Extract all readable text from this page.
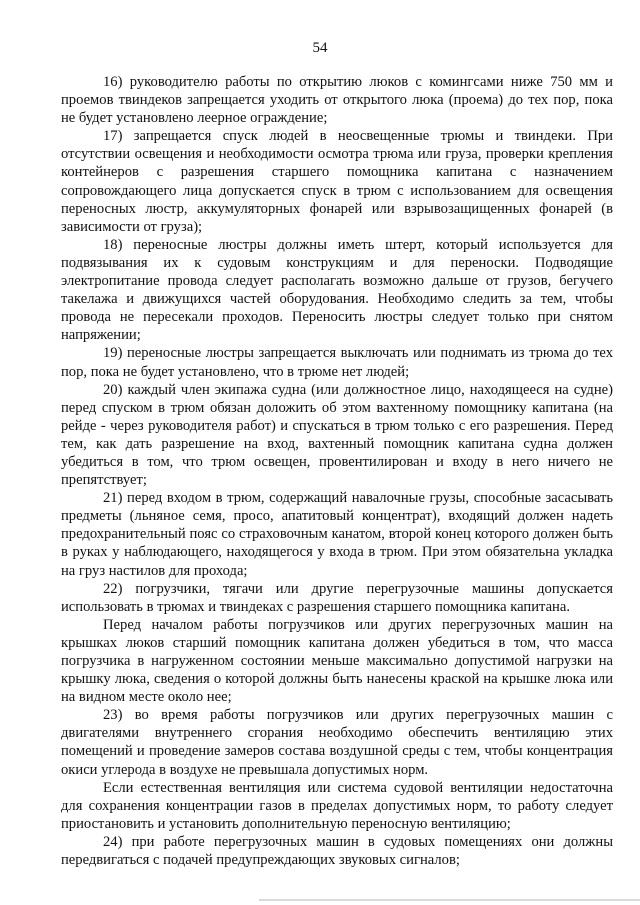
54

16) руководителю работы по открытию люков с комингсами ниже 750 мм и проемов твиндеков запрещается уходить от открытого люка (проема) до тех пор, пока не будет установлено леерное ограждение;

17) запрещается спуск людей в неосвещенные трюмы и твиндеки. При отсутствии освещения и необходимости осмотра трюма или груза, проверки крепления контейнеров с разрешения старшего помощника капитана с назначением сопровождающего лица допускается спуск в трюм с использованием для освещения переносных люстр, аккумуляторных фонарей или взрывозащищенных фонарей (в зависимости от груза);

18) переносные люстры должны иметь штерт, который используется для подвязывания их к судовым конструкциям и для переноски. Подводящие электропитание провода следует располагать возможно дальше от грузов, бегучего такелажа и движущихся частей оборудования. Необходимо следить за тем, чтобы провода не пересекали проходов. Переносить люстры следует только при снятом напряжении;

19) переносные люстры запрещается выключать или поднимать из трюма до тех пор, пока не будет установлено, что в трюме нет людей;

20) каждый член экипажа судна (или должностное лицо, находящееся на судне) перед спуском в трюм обязан доложить об этом вахтенному помощнику капитана (на рейде - через руководителя работ) и спускаться в трюм только с его разрешения. Перед тем, как дать разрешение на вход, вахтенный помощник капитана судна должен убедиться в том, что трюм освещен, провентилирован и входу в него ничего не препятствует;

21) перед входом в трюм, содержащий навалочные грузы, способные засасывать предметы (льняное семя, просо, апатитовый концентрат), входящий должен надеть предохранительный пояс со страховочным канатом, второй конец которого должен быть в руках у наблюдающего, находящегося у входа в трюм. При этом обязательна укладка на груз настилов для прохода;

22) погрузчики, тягачи или другие перегрузочные машины допускается использовать в трюмах и твиндеках с разрешения старшего помощника капитана.

Перед началом работы погрузчиков или других перегрузочных машин на крышках люков старший помощник капитана должен убедиться в том, что масса погрузчика в нагруженном состоянии меньше максимально допустимой нагрузки на крышку люка, сведения о которой должны быть нанесены краской на крышке люка или на видном месте около нее;

23) во время работы погрузчиков или других перегрузочных машин с двигателями внутреннего сгорания необходимо обеспечить вентиляцию этих помещений и проведение замеров состава воздушной среды с тем, чтобы концентрация окиси углерода в воздухе не превышала допустимых норм.

Если естественная вентиляция или система судовой вентиляции недостаточна для сохранения концентрации газов в пределах допустимых норм, то работу следует приостановить и установить дополнительную переносную вентиляцию;

24) при работе перегрузочных машин в судовых помещениях они должны передвигаться с подачей предупреждающих звуковых сигналов;
